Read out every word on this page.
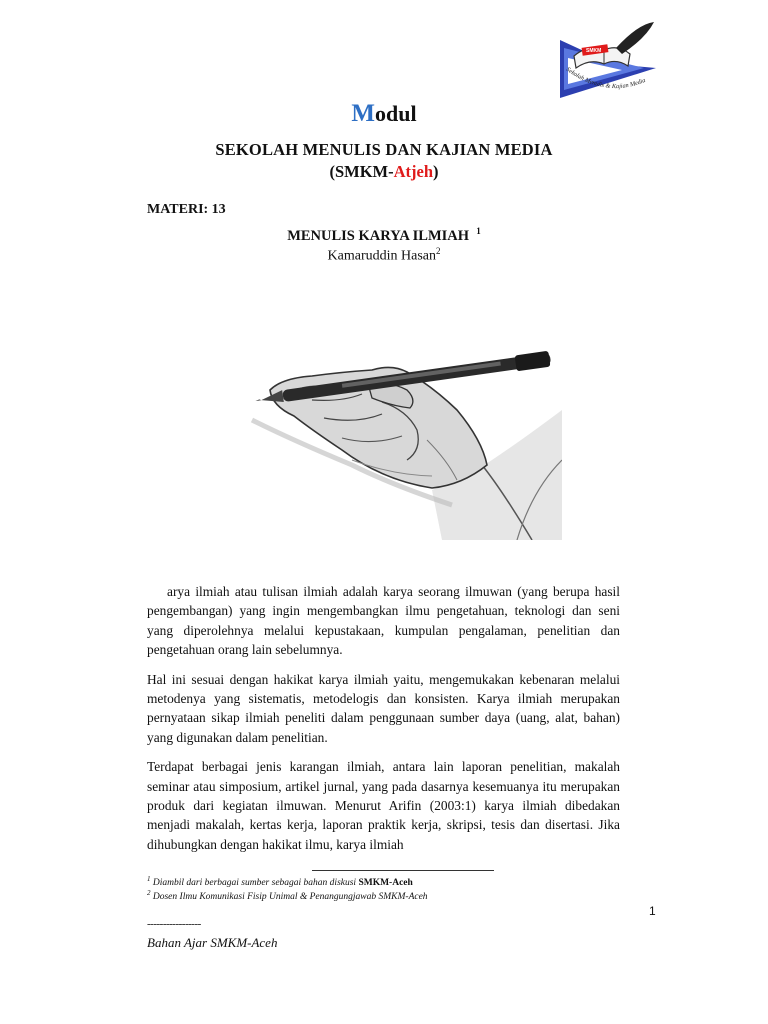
SMKM
Sekolah Menulis & Kajian Media
Modul
SEKOLAH MENULIS DAN KAJIAN MEDIA
(SMKM-Atjeh)
MATERI: 13
MENULIS KARYA ILMIAH $^1$
Kamaruddin Hasan$^2$

arya ilmiah atau tulisan ilmiah adalah karya seorang ilmuwan (yang berupa hasil pengembangan) yang ingin mengembangkan ilmu pengetahuan, teknologi dan seni yang diperolehnya melalui kepustakaan, kumpulan pengalaman, penelitian dan pengetahuan orang lain sebelumnya.

Hal ini sesuai dengan hakikat karya ilmiah yaitu, mengemukakan kebenaran melalui metodenya yang sistematis, metodelogis dan konsisten. Karya ilmiah merupakan pernyataan sikap ilmiah peneliti dalam penggunaan sumber daya (uang, alat, bahan) yang digunakan dalam penelitian.

Terdapat berbagai jenis karangan ilmiah, antara lain laporan penelitian, makalah seminar atau simposium, artikel jurnal, yang pada dasarnya kesemuanya itu merupakan produk dari kegiatan ilmuwan. Menurut Arifin (2003:1) karya ilmiah dibedakan menjadi makalah, kertas kerja, laporan praktik kerja, skripsi, tesis dan disertasi. Jika dihubungkan dengan hakikat ilmu, karya ilmiah

$^1$ Diambil dari berbagai sumber sebagai bahan diskusi SMKM-Aceh
$^2$ Dosen Ilmu Komunikasi Fisip Unimal & Penangungjawab SMKM-Aceh
1
-----------------
Bahan Ajar SMKM-Aceh
